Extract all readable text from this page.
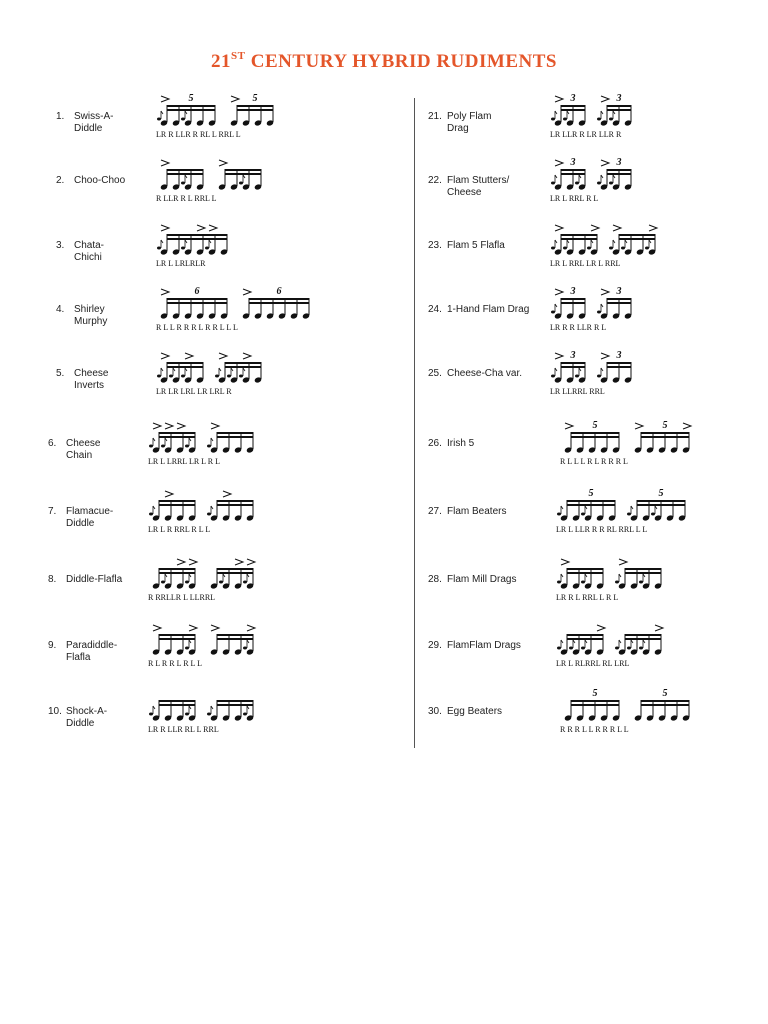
21ST CENTURY HYBRID RUDIMENTS
1. Swiss-A-
Diddle
5	5
LR R LLR R RL L RRL L
2. Choo-Choo
R LLR R L RRL L
3. Chata-
Chichi
LR L LRLRLR
4. Shirley
Murphy
6	6
R L L R R R L R R L L L
5. Cheese
Inverts
LR LR LRL LR LRL R
6. Cheese
Chain
LR L LRRL LR L R L
7. Flamacue-
Diddle
LR L R RRL R L L
8. Diddle-Flafla
R RRLLR L LLRRL
9. Paradiddle-
Flafla
R L R R L R L L
10. Shock-A-
Diddle
LR R LLR RL L RRL
21. Poly Flam
Drag
3	3
LR LLR R LR LLR R
22. Flam Stutters/
Cheese
3	3
LR L RRL R L
23. Flam 5 Flafla
LR L RRL LR L RRL
24. 1-Hand Flam Drag
3	3
LR R R LLR R L
25. Cheese-Cha var.
3	3
LR LLRRL RRL
26. Irish 5
5	5
R L L L R L R R R L
27. Flam Beaters
5	5
LR L LLR R R RL RRL L L
28. Flam Mill Drags
LR R L RRL L R L
29. FlamFlam Drags
LR L RLRRL RL LRL
30. Egg Beaters
5	5
R R R L L R R R L L
